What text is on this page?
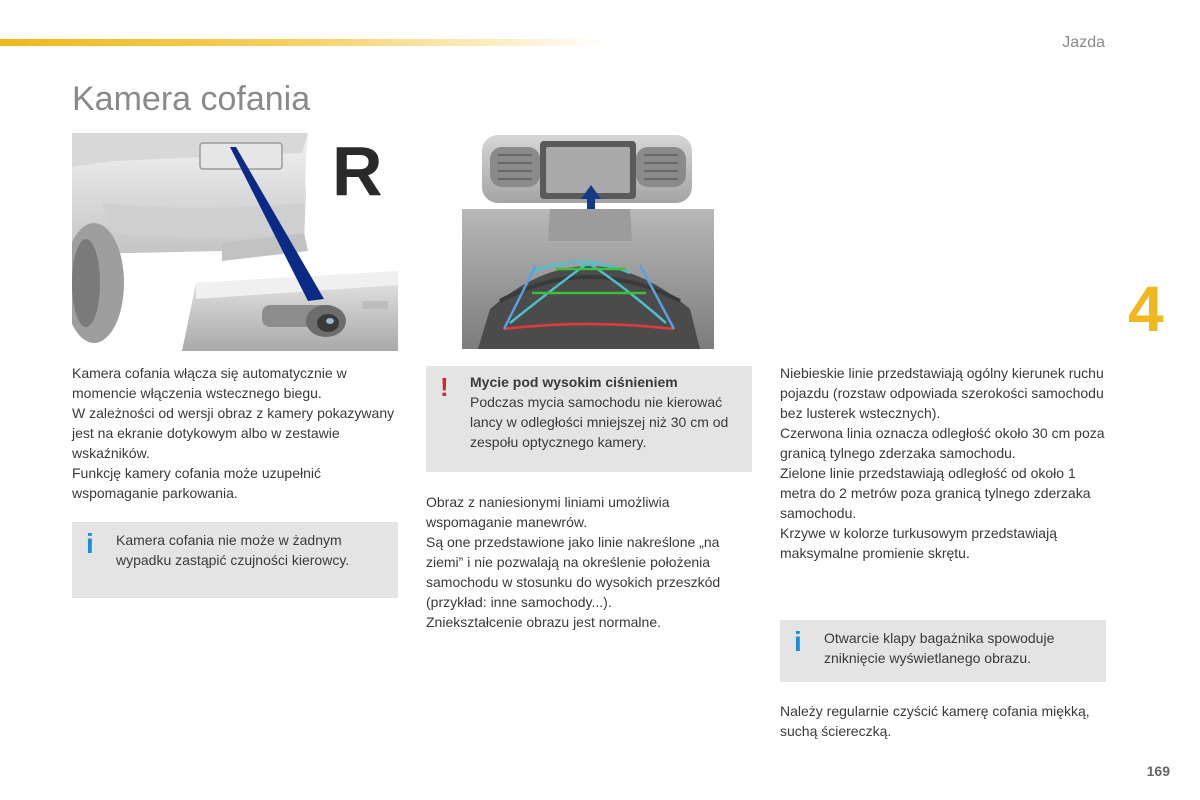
Jazda
Kamera cofania
4
169
R

Kamera cofania włącza się automatycznie w momencie włączenia wstecznego biegu.

W zależności od wersji obraz z kamery pokazywany jest na ekranie dotykowym albo w zestawie wskaźników.

Funkcję kamery cofania może uzupełnić wspomaganie parkowania.

i Kamera cofania nie może w żadnym wypadku zastąpić czujności kierowcy.
! Mycie pod wysokim ciśnieniem

Podczas mycia samochodu nie kierować lancy w odległości mniejszej niż 30 cm od zespołu optycznego kamery.

Obraz z naniesionymi liniami umożliwia wspomaganie manewrów.

Są one przedstawione jako linie nakreślone „na ziemi” i nie pozwalają na określenie położenia samochodu w stosunku do wysokich przeszkód (przykład: inne samochody...).

Zniekształcenie obrazu jest normalne.

Niebieskie linie przedstawiają ogólny kierunek ruchu pojazdu (rozstaw odpowiada szerokości samochodu bez lusterek wstecznych).

Czerwona linia oznacza odległość około 30 cm poza granicą tylnego zderzaka samochodu.

Zielone linie przedstawiają odległość od około 1 metra do 2 metrów poza granicą tylnego zderzaka samochodu.

Krzywe w kolorze turkusowym przedstawiają maksymalne promienie skrętu.

i Otwarcie klapy bagażnika spowoduje zniknięcie wyświetlanego obrazu.
Należy regularnie czyścić kamerę cofania miękką, suchą ściereczką.
